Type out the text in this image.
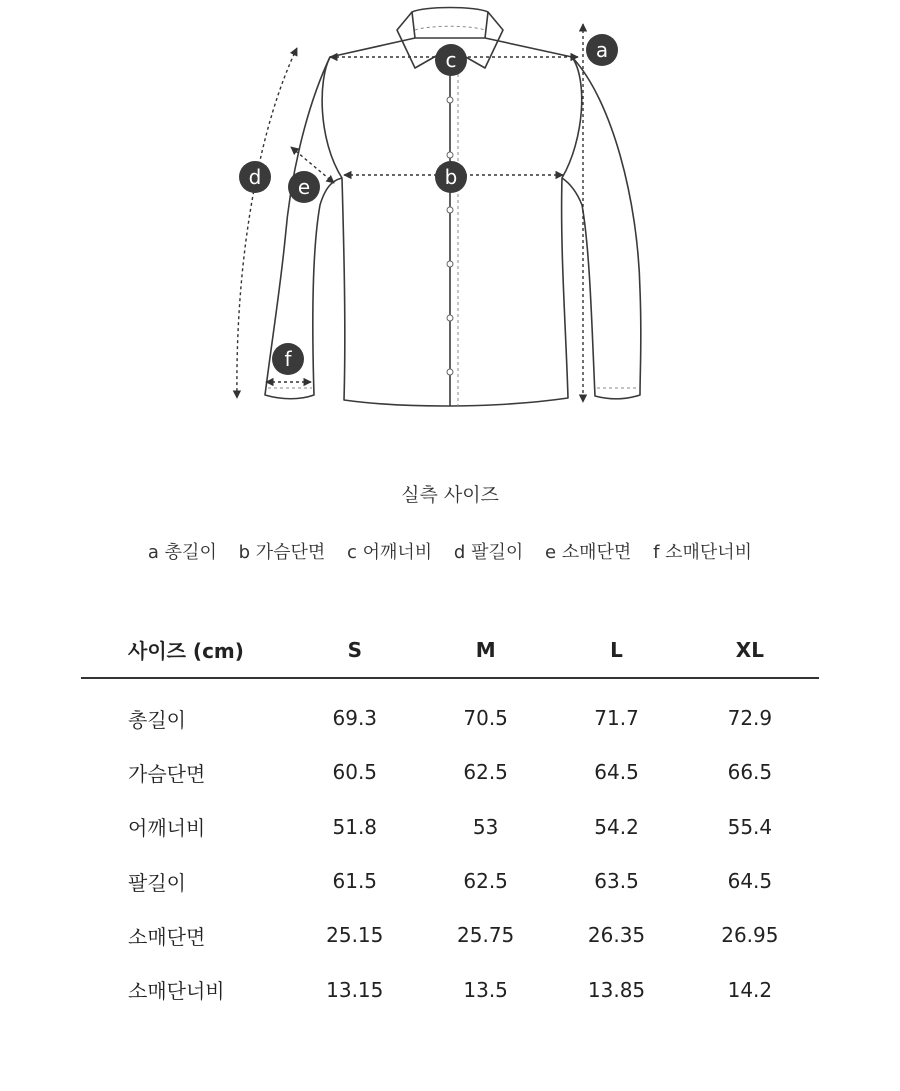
a
b
c
d e
f
실측 사이즈
a 총길이 b 가슴단면 c 어깨너비 d 팔길이 e 소매단면 f 소매단너비
사이즈 (cm)	S	M	L	XL
총길이	69.3	70.5	71.7	72.9
가슴단면	60.5	62.5	64.5	66.5
어깨너비	51.8	53	54.2	55.4
팔길이	61.5	62.5	63.5	64.5
소매단면	25.15	25.75	26.35	26.95
소매단너비	13.15	13.5	13.85	14.2
